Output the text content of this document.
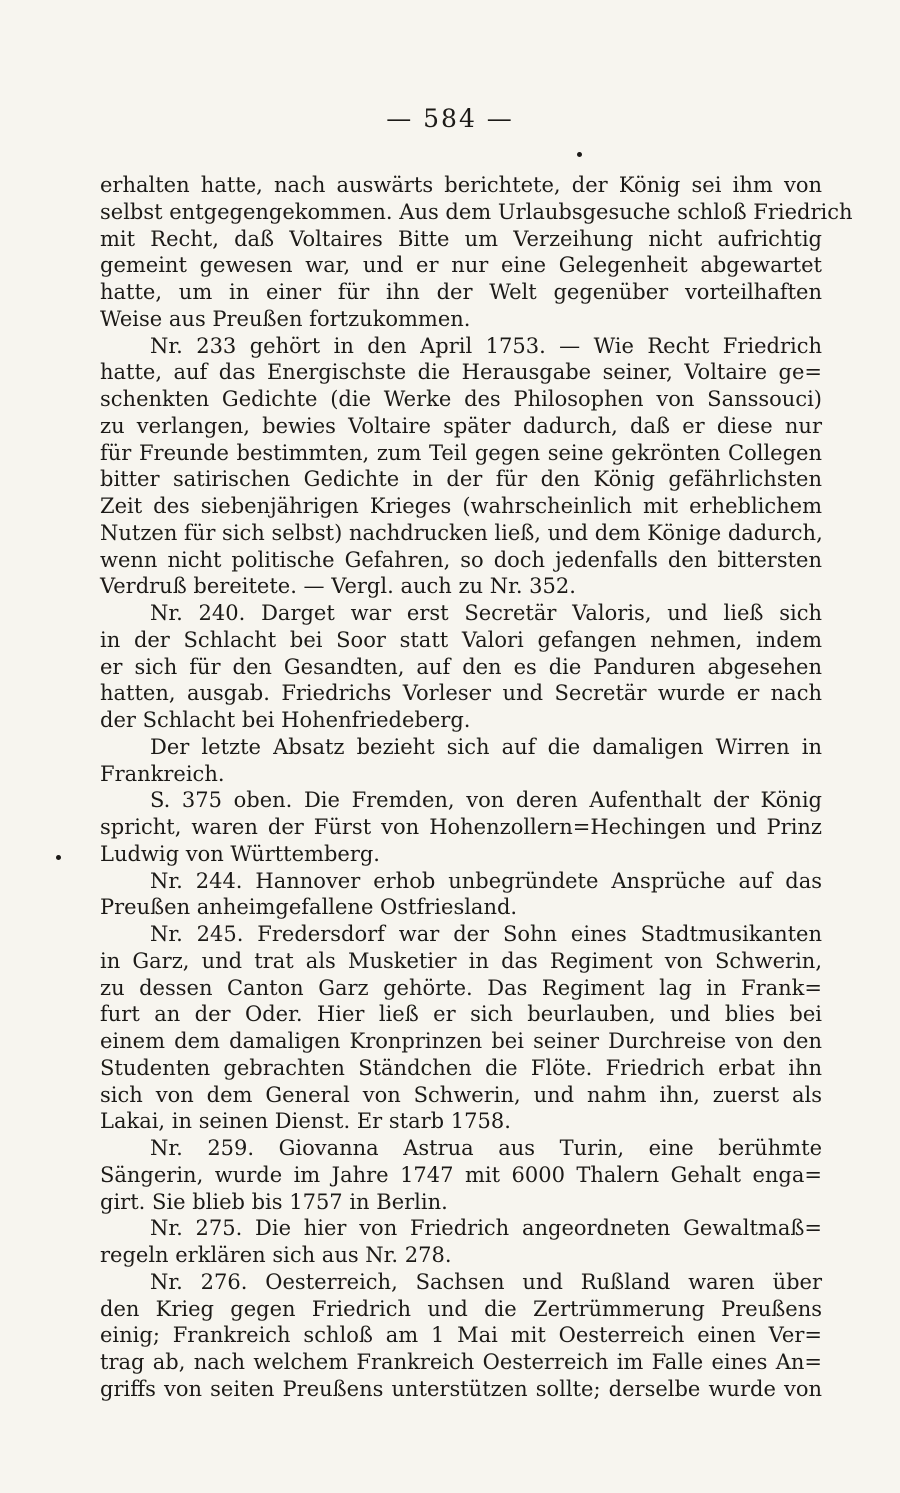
— 584 —
erhalten hatte, nach auswärts berichtete, der König sei ihm von
selbst entgegengekommen. Aus dem Urlaubsgesuche schloß Friedrich
mit Recht, daß Voltaires Bitte um Verzeihung nicht aufrichtig
gemeint gewesen war, und er nur eine Gelegenheit abgewartet
hatte, um in einer für ihn der Welt gegenüber vorteilhaften
Weise aus Preußen fortzukommen.
Nr. 233 gehört in den April 1753. — Wie Recht Friedrich
hatte, auf das Energischste die Herausgabe seiner, Voltaire ge=
schenkten Gedichte (die Werke des Philosophen von Sanssouci)
zu verlangen, bewies Voltaire später dadurch, daß er diese nur
für Freunde bestimmten, zum Teil gegen seine gekrönten Collegen
bitter satirischen Gedichte in der für den König gefährlichsten
Zeit des siebenjährigen Krieges (wahrscheinlich mit erheblichem
Nutzen für sich selbst) nachdrucken ließ, und dem Könige dadurch,
wenn nicht politische Gefahren, so doch jedenfalls den bittersten
Verdruß bereitete. — Vergl. auch zu Nr. 352.
Nr. 240. Darget war erst Secretär Valoris, und ließ sich
in der Schlacht bei Soor statt Valori gefangen nehmen, indem
er sich für den Gesandten, auf den es die Panduren abgesehen
hatten, ausgab. Friedrichs Vorleser und Secretär wurde er nach
der Schlacht bei Hohenfriedeberg.
Der letzte Absatz bezieht sich auf die damaligen Wirren in
Frankreich.
S. 375 oben. Die Fremden, von deren Aufenthalt der König
spricht, waren der Fürst von Hohenzollern=Hechingen und Prinz
Ludwig von Württemberg.
Nr. 244. Hannover erhob unbegründete Ansprüche auf das
Preußen anheimgefallene Ostfriesland.
Nr. 245. Fredersdorf war der Sohn eines Stadtmusikanten
in Garz, und trat als Musketier in das Regiment von Schwerin,
zu dessen Canton Garz gehörte. Das Regiment lag in Frank=
furt an der Oder. Hier ließ er sich beurlauben, und blies bei
einem dem damaligen Kronprinzen bei seiner Durchreise von den
Studenten gebrachten Ständchen die Flöte. Friedrich erbat ihn
sich von dem General von Schwerin, und nahm ihn, zuerst als
Lakai, in seinen Dienst. Er starb 1758.
Nr. 259. Giovanna Astrua aus Turin, eine berühmte
Sängerin, wurde im Jahre 1747 mit 6000 Thalern Gehalt enga=
girt. Sie blieb bis 1757 in Berlin.
Nr. 275. Die hier von Friedrich angeordneten Gewaltmaß=
regeln erklären sich aus Nr. 278.
Nr. 276. Oesterreich, Sachsen und Rußland waren über
den Krieg gegen Friedrich und die Zertrümmerung Preußens
einig; Frankreich schloß am 1 Mai mit Oesterreich einen Ver=
trag ab, nach welchem Frankreich Oesterreich im Falle eines An=
griffs von seiten Preußens unterstützen sollte; derselbe wurde von
